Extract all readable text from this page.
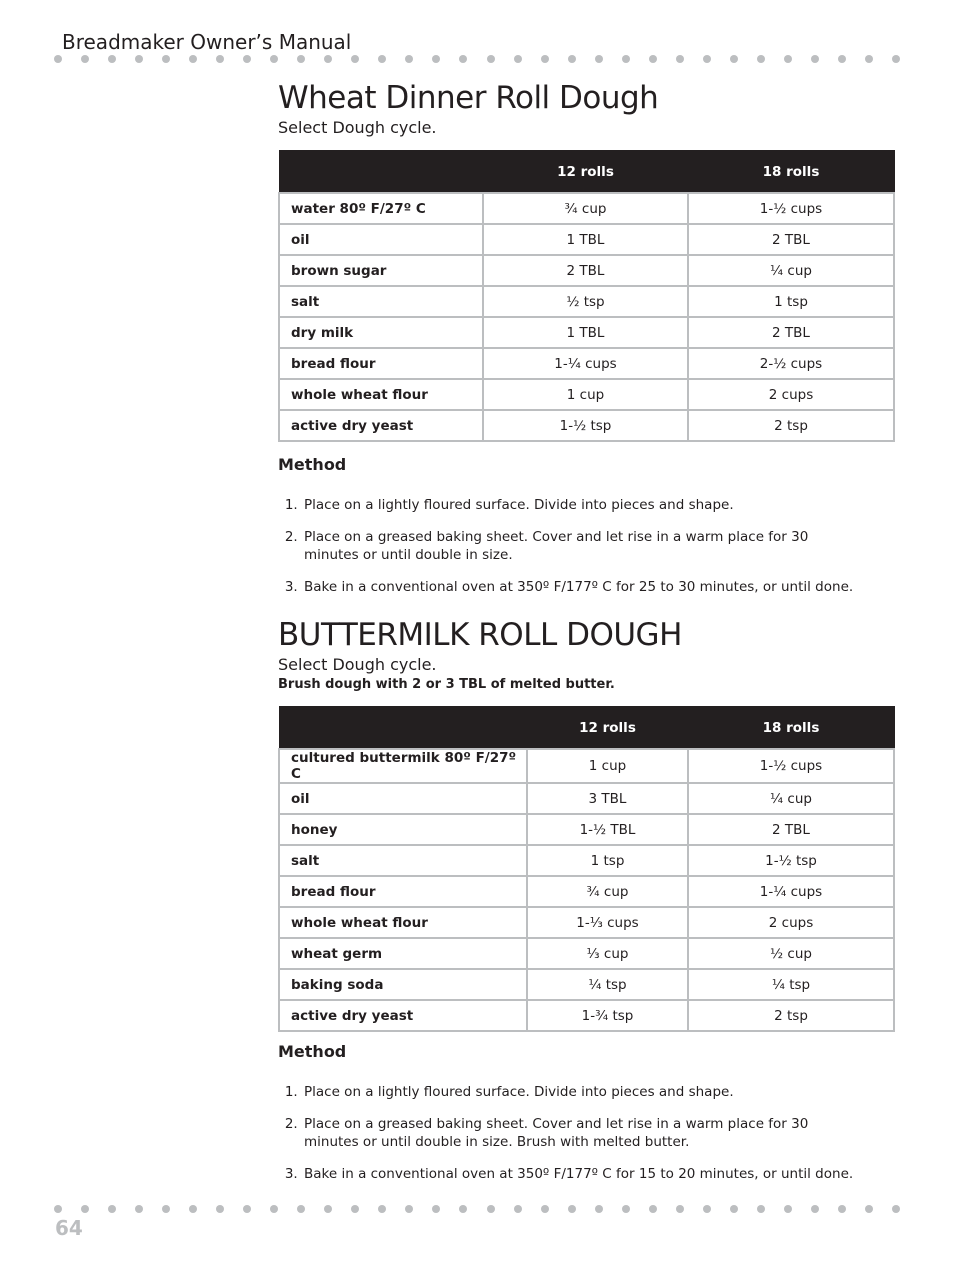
Breadmaker Owner’s Manual
Wheat Dinner Roll Dough

Select Dough cycle.

	12 rolls	18 rolls
water 80º F/27º C	¾ cup	1-½ cups
oil	1 TBL	2 TBL
brown sugar	2 TBL	¼ cup
salt	½ tsp	1 tsp
dry milk	1 TBL	2 TBL
bread flour	1-¼ cups	2-½ cups
whole wheat flour	1 cup	2 cups
active dry yeast	1-½ tsp	2 tsp
Method
1. Place on a lightly floured surface. Divide into pieces and shape.
2. Place on a greased baking sheet. Cover and let rise in a warm place for 30 minutes or until double in size.
3. Bake in a conventional oven at 350º F/177º C for 25 to 30 minutes, or until done.
BUTTERMILK ROLL DOUGH

Select Dough cycle.

Brush dough with 2 or 3 TBL of melted butter.

	12 rolls	18 rolls
cultured buttermilk 80º F/27º C	1 cup	1-½ cups
oil	3 TBL	¼ cup
honey	1-½ TBL	2 TBL
salt	1 tsp	1-½ tsp
bread flour	¾ cup	1-¼ cups
whole wheat flour	1-⅓ cups	2 cups
wheat germ	⅓ cup	½ cup
baking soda	¼ tsp	¼ tsp
active dry yeast	1-¾ tsp	2 tsp
Method
1. Place on a lightly floured surface. Divide into pieces and shape.
2. Place on a greased baking sheet. Cover and let rise in a warm place for 30 minutes or until double in size. Brush with melted butter.
3. Bake in a conventional oven at 350º F/177º C for 15 to 20 minutes, or until done.
64
